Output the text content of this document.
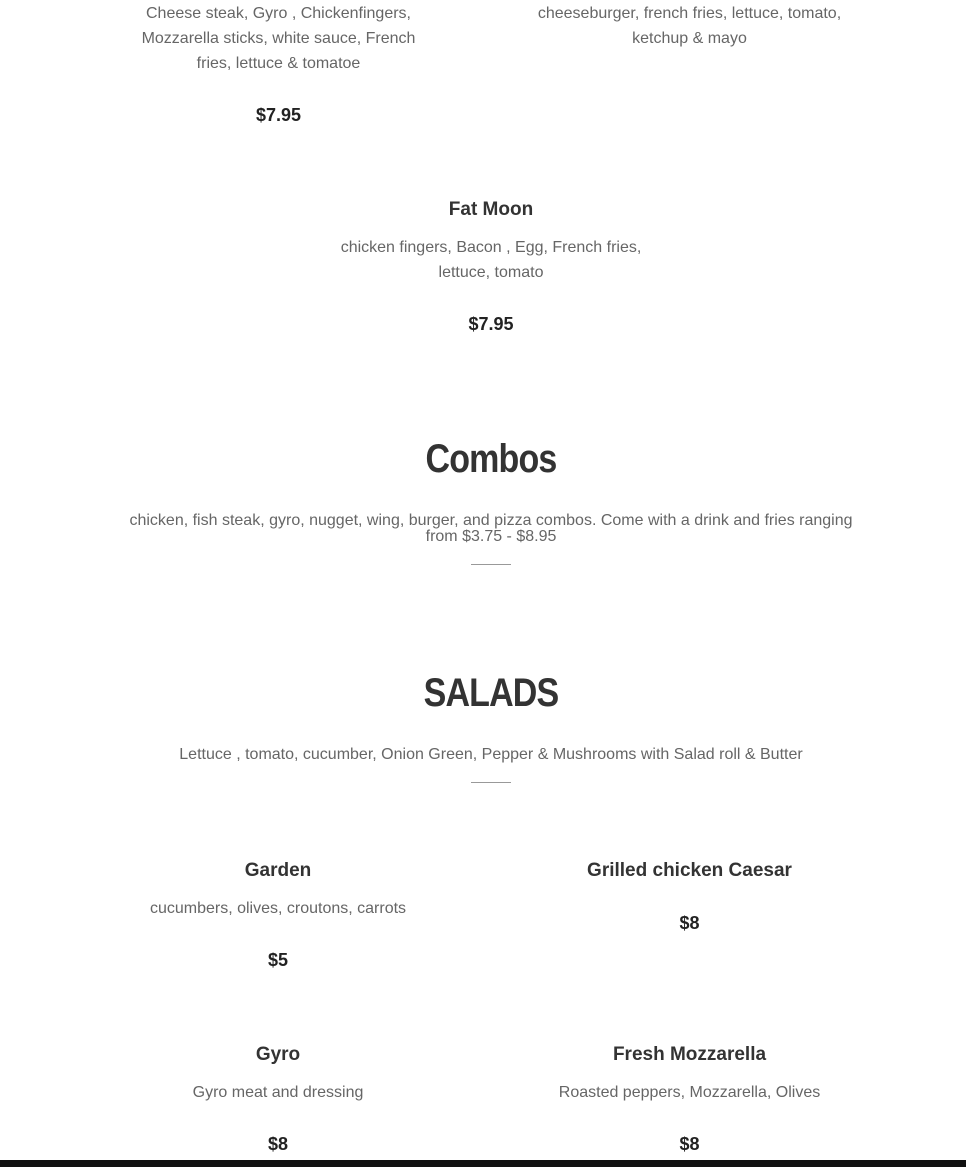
Cheese steak, Gyro , Chickenfingers, Mozzarella sticks, white sauce, French fries, lettuce & tomatoe
$7.95
cheeseburger, french fries, lettuce, tomato, ketchup & mayo
Fat Moon
chicken fingers, Bacon , Egg, French fries, lettuce, tomato
$7.95
Combos
chicken, fish steak, gyro, nugget, wing, burger, and pizza combos. Come with a drink and fries ranging from $3.75 - $8.95
SALADS
Lettuce , tomato, cucumber, Onion Green, Pepper & Mushrooms with Salad roll & Butter
Garden
cucumbers, olives, croutons, carrots
$5
Grilled chicken Caesar
$8
Gyro
Gyro meat and dressing
$8
Fresh Mozzarella
Roasted peppers, Mozzarella, Olives
$8
